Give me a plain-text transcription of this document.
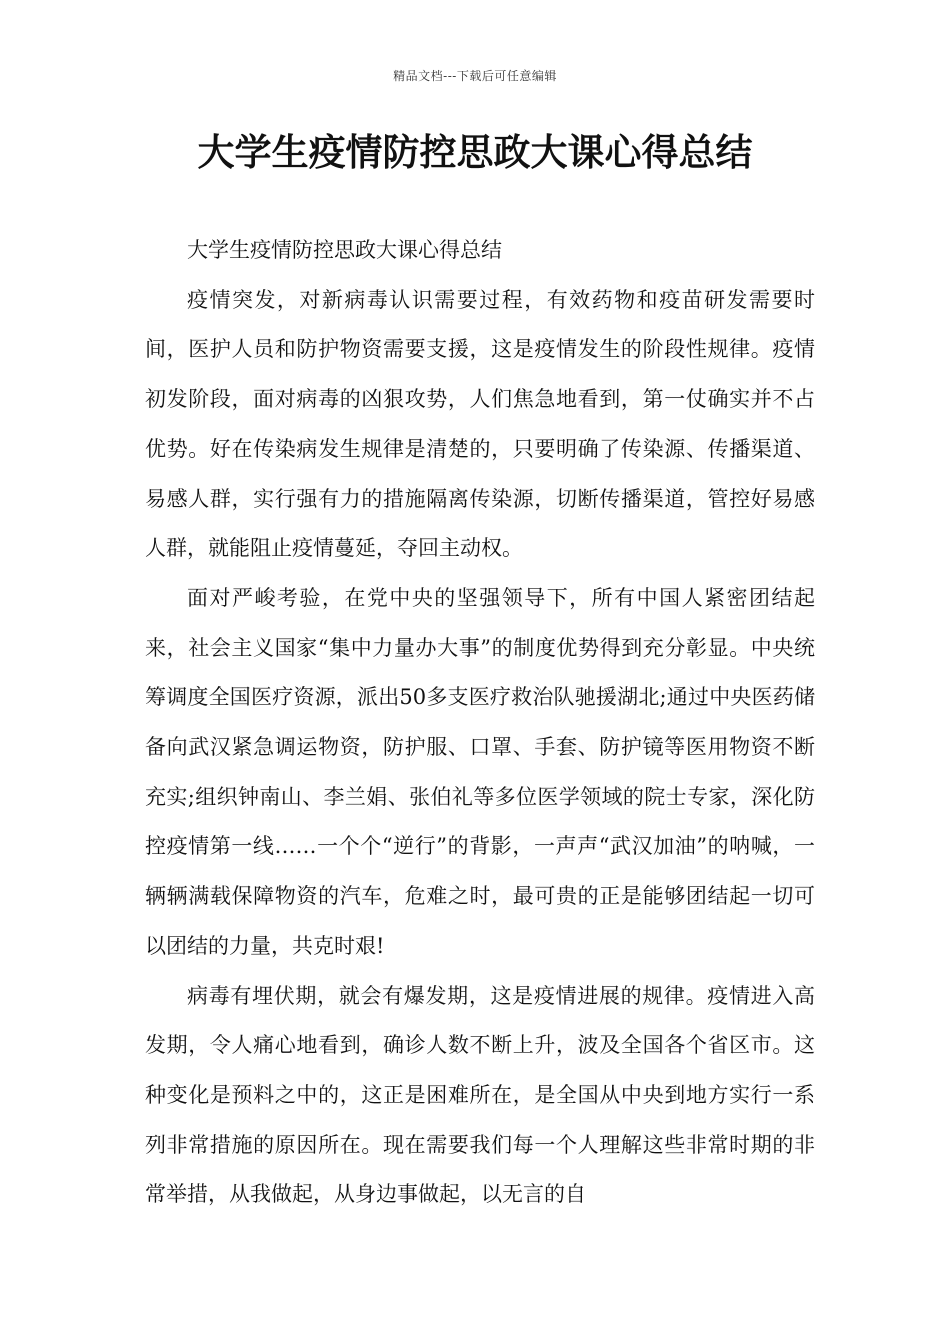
精品文档---下载后可任意编辑
大学生疫情防控思政大课心得总结

大学生疫情防控思政大课心得总结

疫情突发，对新病毒认识需要过程，有效药物和疫苗研发需要时间，医护人员和防护物资需要支援，这是疫情发生的阶段性规律。疫情初发阶段，面对病毒的凶狠攻势，人们焦急地看到，第一仗确实并不占优势。好在传染病发生规律是清楚的，只要明确了传染源、传播渠道、易感人群，实行强有力的措施隔离传染源，切断传播渠道，管控好易感人群，就能阻止疫情蔓延，夺回主动权。

面对严峻考验，在党中央的坚强领导下，所有中国人紧密团结起来，社会主义国家“集中力量办大事”的制度优势得到充分彰显。中央统筹调度全国医疗资源，派出50多支医疗救治队驰援湖北;通过中央医药储备向武汉紧急调运物资，防护服、口罩、手套、防护镜等医用物资不断充实;组织钟南山、李兰娟、张伯礼等多位医学领域的院士专家，深化防控疫情第一线……一个个“逆行”的背影，一声声“武汉加油”的呐喊，一辆辆满载保障物资的汽车，危难之时，最可贵的正是能够团结起一切可以团结的力量，共克时艰!

病毒有埋伏期，就会有爆发期，这是疫情进展的规律。疫情进入高发期，令人痛心地看到，确诊人数不断上升，波及全国各个省区市。这种变化是预料之中的，这正是困难所在，是全国从中央到地方实行一系列非常措施的原因所在。现在需要我们每一个人理解这些非常时期的非常举措，从我做起，从身边事做起，以无言的自
